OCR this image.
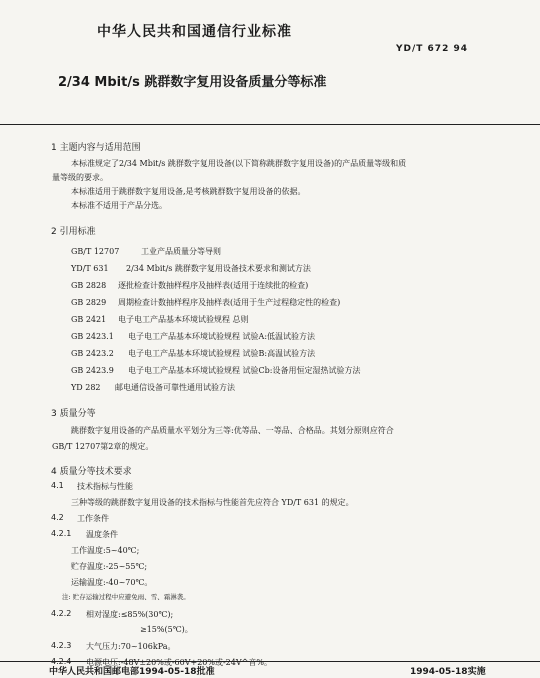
中华人民共和国通信行业标准
YD/T 672 94
2/34 Mbit/s 跳群数字复用设备质量分等标准
1 主题内容与适用范围
本标准规定了2/34 Mbit/s 跳群数字复用设备(以下简称跳群数字复用设备)的产品质量等级和质
量等级的要求。
本标准适用于跳群数字复用设备,是考核跳群数字复用设备的依据。
本标准不适用于产品分选。
2 引用标准
GB/T 12707	工业产品质量分等导则
YD/T 631 2/34 Mbit/s 跳群数字复用设备技术要求和测试方法
GB 2828 逐批检查计数抽样程序及抽样表(适用于连续批的检查)
GB 2829 周期检查计数抽样程序及抽样表(适用于生产过程稳定性的检查)
GB 2421 电子电工产品基本环境试验规程 总则
GB 2423.1 电子电工产品基本环境试验规程 试验A:低温试验方法
GB 2423.2 电子电工产品基本环境试验规程 试验B:高温试验方法
GB 2423.9 电子电工产品基本环境试验规程 试验Cb:设备用恒定湿热试验方法
YD 282 邮电通信设备可靠性通用试验方法
3 质量分等
跳群数字复用设备的产品质量水平划分为三等:优等品、一等品、合格品。其划分原则应符合
GB/T 12707第2章的规定。
4 质量分等技术要求
4.1 技术指标与性能
三种等级的跳群数字复用设备的技术指标与性能首先应符合 YD/T 631 的规定。
4.2 工作条件
4.2.1 温度条件
工作温度:5~40℃;
贮存温度:-25~55℃;
运输温度:-40~70℃。
注: 贮存运输过程中应避免雨、雪、霜淋袭。
4.2.2 相对湿度:≤85%(30℃);
≥15%(5℃)。
4.2.3 大气压力:70~106kPa。
4.2.4 电源电压:-48V±20%或-60V+20%或-24V^音%。
中华人民共和国邮电部1994-05-18批准	1994-05-18实施
